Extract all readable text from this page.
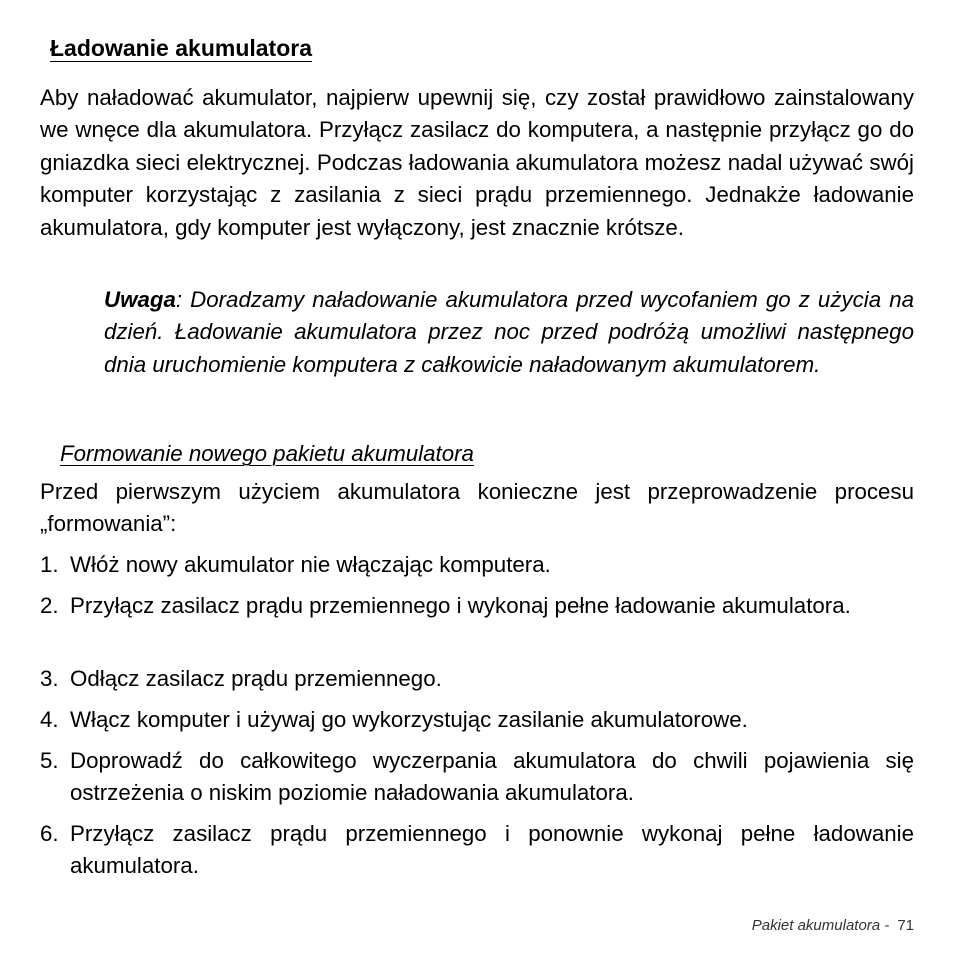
Ładowanie akumulatora

Aby naładować akumulator, najpierw upewnij się, czy został prawidłowo zainstalowany we wnęce dla akumulatora. Przyłącz zasilacz do komputera, a następnie przyłącz go do gniazdka sieci elektrycznej. Podczas ładowania akumulatora możesz nadal używać swój komputer korzystając z zasilania z sieci prądu przemiennego. Jednakże ładowanie akumulatora, gdy komputer jest wyłączony, jest znacznie krótsze.

Uwaga: Doradzamy naładowanie akumulatora przed wycofaniem go z użycia na dzień. Ładowanie akumulatora przez noc przed podróżą umożliwi następnego dnia uruchomienie komputera z całkowicie naładowanym akumulatorem.

Formowanie nowego pakietu akumulatora

Przed pierwszym użyciem akumulatora konieczne jest przeprowadzenie procesu „formowania”:

1. Włóż nowy akumulator nie włączając komputera.
2. Przyłącz zasilacz prądu przemiennego i wykonaj pełne ładowanie akumulatora.
3. Odłącz zasilacz prądu przemiennego.
4. Włącz komputer i używaj go wykorzystując zasilanie akumulatorowe.
5. Doprowadź do całkowitego wyczerpania akumulatora do chwili pojawienia się ostrzeżenia o niskim poziomie naładowania akumulatora.
6. Przyłącz zasilacz prądu przemiennego i ponownie wykonaj pełne ładowanie akumulatora.
Pakiet akumulatora - 71
